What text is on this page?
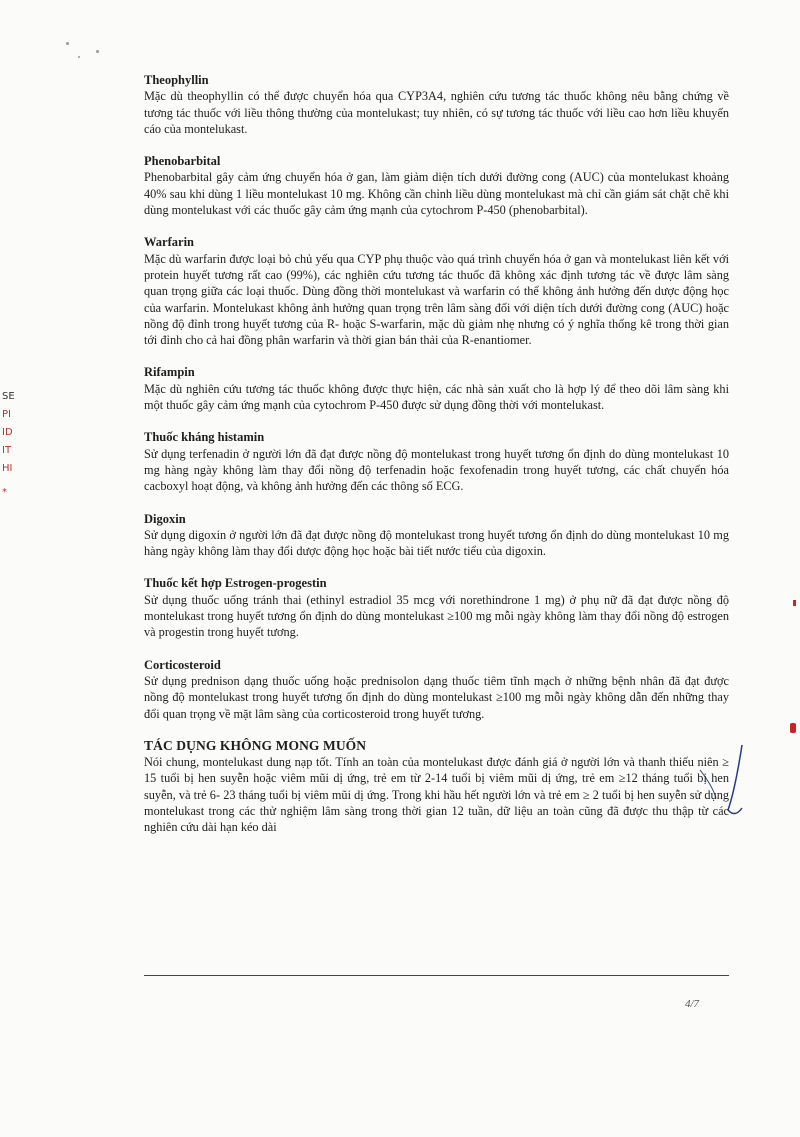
SE
PI
ID
IT
HI
*

Theophyllin

Mặc dù theophyllin có thể được chuyển hóa qua CYP3A4, nghiên cứu tương tác thuốc không nêu bằng chứng về tương tác thuốc với liều thông thường của montelukast; tuy nhiên, có sự tương tác thuốc với liều cao hơn liều khuyến cáo của montelukast.

Phenobarbital

Phenobarbital gây cảm ứng chuyển hóa ở gan, làm giảm diện tích dưới đường cong (AUC) của montelukast khoảng 40% sau khi dùng 1 liều montelukast 10 mg. Không cần chỉnh liều dùng montelukast mà chỉ cần giám sát chặt chẽ khi dùng montelukast với các thuốc gây cảm ứng mạnh của cytochrom P-450 (phenobarbital).

Warfarin

Mặc dù warfarin được loại bỏ chủ yếu qua CYP phụ thuộc vào quá trình chuyển hóa ở gan và montelukast liên kết với protein huyết tương rất cao (99%), các nghiên cứu tương tác thuốc đã không xác định tương tác về được lâm sàng quan trọng giữa các loại thuốc. Dùng đồng thời montelukast và warfarin có thể không ảnh hưởng đến dược động học của warfarin. Montelukast không ảnh hưởng quan trọng trên lâm sàng đối với diện tích dưới đường cong (AUC) hoặc nồng độ đỉnh trong huyết tương của R- hoặc S-warfarin, mặc dù giảm nhẹ nhưng có ý nghĩa thống kê trong thời gian tới đỉnh cho cả hai đồng phân warfarin và thời gian bán thải của R-enantiomer.

Rifampin

Mặc dù nghiên cứu tương tác thuốc không được thực hiện, các nhà sản xuất cho là hợp lý để theo dõi lâm sàng khi một thuốc gây cảm ứng mạnh của cytochrom P-450 được sử dụng đồng thời với montelukast.

Thuốc kháng histamin

Sử dụng terfenadin ở người lớn đã đạt được nồng độ montelukast trong huyết tương ổn định do dùng montelukast 10 mg hàng ngày không làm thay đổi nồng độ terfenadin hoặc fexofenadin trong huyết tương, các chất chuyển hóa cacboxyl hoạt động, và không ảnh hưởng đến các thông số ECG.

Digoxin

Sử dụng digoxin ở người lớn đã đạt được nồng độ montelukast trong huyết tương ổn định do dùng montelukast 10 mg hàng ngày không làm thay đổi dược động học hoặc bài tiết nước tiểu của digoxin.

Thuốc kết hợp Estrogen-progestin

Sử dụng thuốc uống tránh thai (ethinyl estradiol 35 mcg với norethindrone 1 mg) ở phụ nữ đã đạt được nồng độ montelukast trong huyết tương ổn định do dùng montelukast ≥100 mg mỗi ngày không làm thay đổi nồng độ estrogen và progestin trong huyết tương.

Corticosteroid

Sử dụng prednison dạng thuốc uống hoặc prednisolon dạng thuốc tiêm tĩnh mạch ở những bệnh nhân đã đạt được nồng độ montelukast trong huyết tương ổn định do dùng montelukast ≥100 mg mỗi ngày không dẫn đến những thay đổi quan trọng về mặt lâm sàng của corticosteroid trong huyết tương.

TÁC DỤNG KHÔNG MONG MUỐN

Nói chung, montelukast dung nạp tốt. Tính an toàn của montelukast được đánh giá ở người lớn và thanh thiếu niên ≥ 15 tuổi bị hen suyễn hoặc viêm mũi dị ứng, trẻ em từ 2-14 tuổi bị viêm mũi dị ứng, trẻ em ≥12 tháng tuổi bị hen suyễn, và trẻ 6- 23 tháng tuổi bị viêm mũi dị ứng. Trong khi hầu hết người lớn và trẻ em ≥ 2 tuổi bị hen suyễn sử dụng montelukast trong các thử nghiệm lâm sàng trong thời gian 12 tuần, dữ liệu an toàn cũng đã được thu thập từ các nghiên cứu dài hạn kéo dài

4/7
